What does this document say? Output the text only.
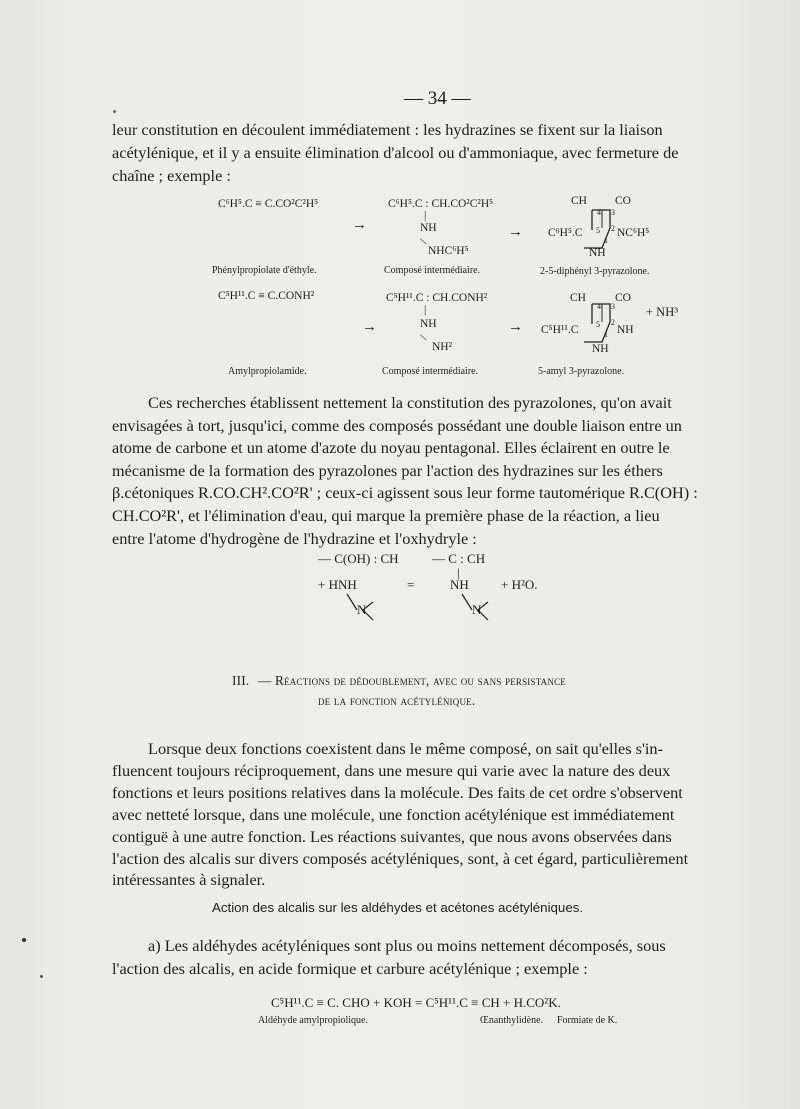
— 34 —
leur constitution en découlent immédiatement : les hydrazines se fixent sur la liaison
acétylénique, et il y a ensuite élimination d'alcool ou d'ammoniaque, avec fermeture de
chaîne ; exemple :
C⁶H⁵.C ≡ C.CO²C²H⁵
Phénylpropiolate d'éthyle.
→
C⁶H⁵.C : CH.CO²C²H⁵
|
NH
\
NHC⁶H⁵
Composé intermédiaire.
→
CH CO
C⁶H⁵.C	NC⁶H⁵
NH
4 3
5 2
1
2-5-diphényl 3-pyrazolone.
C⁵H¹¹.C ≡ C.CONH²
Amylpropiolamide.
→
C⁵H¹¹.C : CH.CONH²
|
NH
\
NH²
Composé intermédiaire.
→
CH	CO
C⁵H¹¹.C	NH
NH
4 3
5 2
1
+ NH³
5-amyl 3-pyrazolone.

Ces recherches établissent nettement la constitution des pyrazolones, qu'on avait

envisagées à tort, jusqu'ici, comme des composés possédant une double liaison entre un

atome de carbone et un atome d'azote du noyau pentagonal. Elles éclairent en outre le

mécanisme de la formation des pyrazolones par l'action des hydrazines sur les éthers

β.cétoniques R.CO.CH².CO²R' ; ceux-ci agissent sous leur forme tautomérique R.C(OH) :

CH.CO²R', et l'élimination d'eau, qui marque la première phase de la réaction, a lieu

entre l'atome d'hydrogène de l'hydrazine et l'oxhydryle :

— C(OH) : CH	— C : CH
|
+ HNH	=	NH + H²O.
N	N
III. — Réactions de dédoublement, avec ou sans persistance
de la fonction acétylénique.

Lorsque deux fonctions coexistent dans le même composé, on sait qu'elles s'in-

fluencent toujours réciproquement, dans une mesure qui varie avec la nature des deux

fonctions et leurs positions relatives dans la molécule. Des faits de cet ordre s'observent

avec netteté lorsque, dans une molécule, une fonction acétylénique est immédiatement

contiguë à une autre fonction. Les réactions suivantes, que nous avons observées dans

l'action des alcalis sur divers composés acétyléniques, sont, à cet égard, particulièrement

intéressantes à signaler.

Action des alcalis sur les aldéhydes et acétones acétyléniques.

a) Les aldéhydes acétyléniques sont plus ou moins nettement décomposés, sous

l'action des alcalis, en acide formique et carbure acétylénique ; exemple :

C⁵H¹¹.C ≡ C. CHO + KOH = C⁵H¹¹.C ≡ CH + H.CO²K.
Aldéhyde amylpropiolique.	Œnanthylidène. Formiate de K.
